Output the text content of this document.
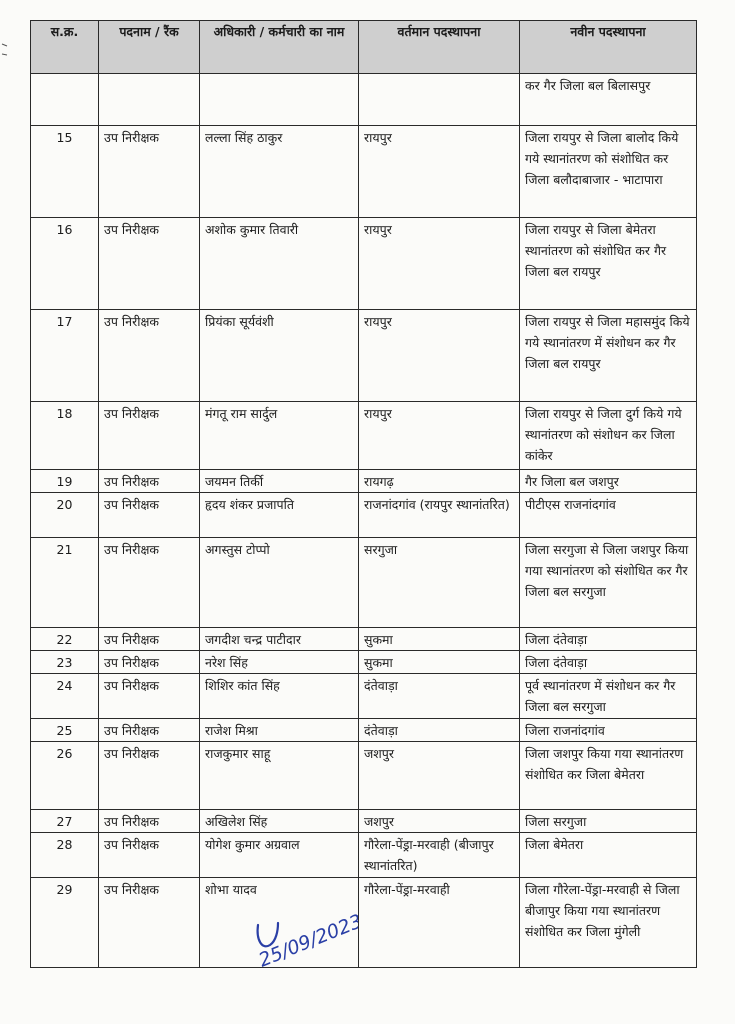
स.क्र.	पदनाम / रैंक	अधिकारी / कर्मचारी का नाम	वर्तमान पदस्थापना	नवीन पदस्थापना
				कर गैर जिला बल बिलासपुर
15	उप निरीक्षक	लल्ला सिंह ठाकुर	रायपुर	जिला रायपुर से जिला बालोद किये गये स्थानांतरण को संशोधित कर जिला बलौदाबाजार - भाटापारा
16	उप निरीक्षक	अशोक कुमार तिवारी	रायपुर	जिला रायपुर से जिला बेमेतरा स्थानांतरण को संशोधित कर गैर जिला बल रायपुर
17	उप निरीक्षक	प्रियंका सूर्यवंशी	रायपुर	जिला रायपुर से जिला महासमुंद किये गये स्थानांतरण में संशोधन कर गैर जिला बल रायपुर
18	उप निरीक्षक	मंगतू राम सार्दुल	रायपुर	जिला रायपुर से जिला दुर्ग किये गये स्थानांतरण को संशोधन कर जिला कांकेर
19	उप निरीक्षक	जयमन तिर्की	रायगढ़	गैर जिला बल जशपुर
20	उप निरीक्षक	हृदय शंकर प्रजापति	राजनांदगांव (रायपुर स्थानांतरित)	पीटीएस राजनांदगांव
21	उप निरीक्षक	अगस्तुस टोप्पो	सरगुजा	जिला सरगुजा से जिला जशपुर किया गया स्थानांतरण को संशोधित कर गैर जिला बल सरगुजा
22	उप निरीक्षक	जगदीश चन्द्र पाटीदार	सुकमा	जिला दंतेवाड़ा
23	उप निरीक्षक	नरेश सिंह	सुकमा	जिला दंतेवाड़ा
24	उप निरीक्षक	शिशिर कांत सिंह	दंतेवाड़ा	पूर्व स्थानांतरण में संशोधन कर गैर जिला बल सरगुजा
25	उप निरीक्षक	राजेश मिश्रा	दंतेवाड़ा	जिला राजनांदगांव
26	उप निरीक्षक	राजकुमार साहू	जशपुर	जिला जशपुर किया गया स्थानांतरण संशोधित कर जिला बेमेतरा
27	उप निरीक्षक	अखिलेश सिंह	जशपुर	जिला सरगुजा
28	उप निरीक्षक	योगेश कुमार अग्रवाल	गौरेला-पेंड्रा-मरवाही (बीजापुर स्थानांतरित)	जिला बेमेतरा
29	उप निरीक्षक	शोभा यादव	गौरेला-पेंड्रा-मरवाही	जिला गौरेला-पेंड्रा-मरवाही से जिला बीजापुर किया गया स्थानांतरण संशोधित कर जिला मुंगेली
25/09/2023
